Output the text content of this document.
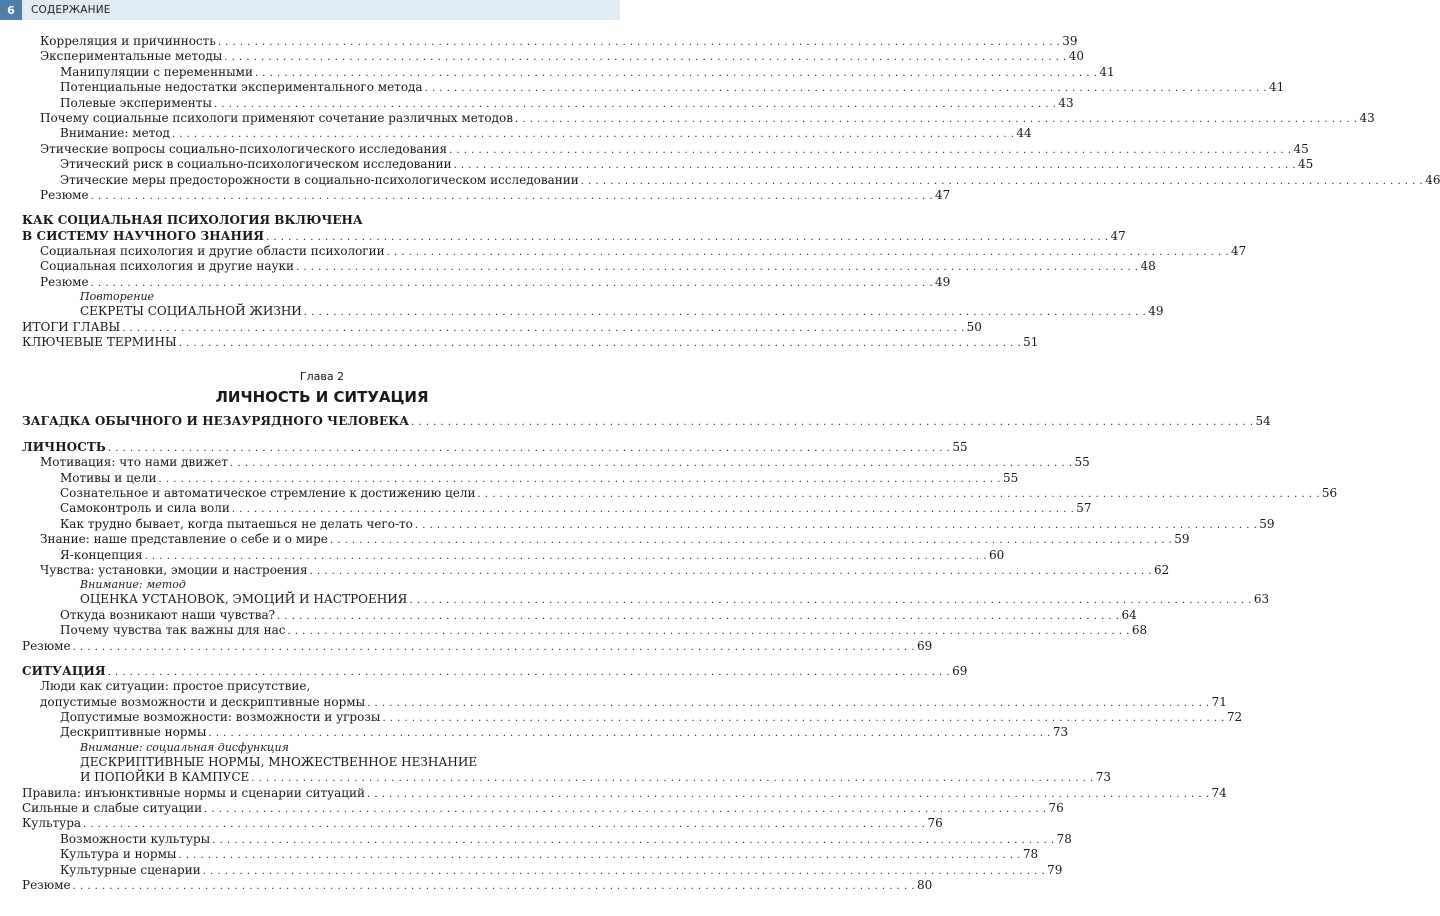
6	СОДЕРЖАНИЕ
Корреляция и причинность . . .	39
Экспериментальные методы . . .	40
Манипуляции с переменными . . .	41
Потенциальные недостатки экспериментального метода . . .	41
Полевые эксперименты . . .	43
Почему социальные психологи применяют сочетание различных методов . . .	43
Внимание: метод . . .	44
Этические вопросы социально-психологического исследования . . .	45
Этический риск в социально-психологическом исследовании . . .	45
Этические меры предосторожности в социально-психологическом исследовании . . .	46
Резюме . . .	47
КАК СОЦИАЛЬНАЯ ПСИХОЛОГИЯ ВКЛЮЧЕНА
В СИСТЕМУ НАУЧНОГО ЗНАНИЯ . . .	47
Социальная психология и другие области психологии . . .	47
Социальная психология и другие науки . . .	48
Резюме . . .	49
Повторение
СЕКРЕТЫ СОЦИАЛЬНОЙ ЖИЗНИ . . .	49
ИТОГИ ГЛАВЫ . . .	50
КЛЮЧЕВЫЕ ТЕРМИНЫ . . .	51
Глава 2
ЛИЧНОСТЬ И СИТУАЦИЯ
ЗАГАДКА ОБЫЧНОГО И НЕЗАУРЯДНОГО ЧЕЛОВЕКА . . .	54
ЛИЧНОСТЬ . . .	55
Мотивация: что нами движет . . .	55
Мотивы и цели . . .	55
Сознательное и автоматическое стремление к достижению цели . . .	56
Самоконтроль и сила воли . . .	57
Как трудно бывает, когда пытаешься не делать чего-то . . .	59
Знание: наше представление о себе и о мире . . .	59
Я-концепция . . .	60
Чувства: установки, эмоции и настроения . . .	62
Внимание: метод
ОЦЕНКА УСТАНОВОК, ЭМОЦИЙ И НАСТРОЕНИЯ . . .	63
Откуда возникают наши чувства? . . .	64
Почему чувства так важны для нас . . .	68
Резюме . . .	69
СИТУАЦИЯ . . .	69
Люди как ситуации: простое присутствие,
допустимые возможности и дескриптивные нормы . . .	71
Допустимые возможности: возможности и угрозы . . .	72
Дескриптивные нормы . . .	73
Внимание: социальная дисфункция
ДЕСКРИПТИВНЫЕ НОРМЫ, МНОЖЕСТВЕННОЕ НЕЗНАНИЕ
И ПОПОЙКИ В КАМПУСЕ . . .	73
Правила: инъюнктивные нормы и сценарии ситуаций . . .	74
Сильные и слабые ситуации . . .	76
Культура . . .	76
Возможности культуры . . .	78
Культура и нормы . . .	78
Культурные сценарии . . .	79
Резюме . . .	80
